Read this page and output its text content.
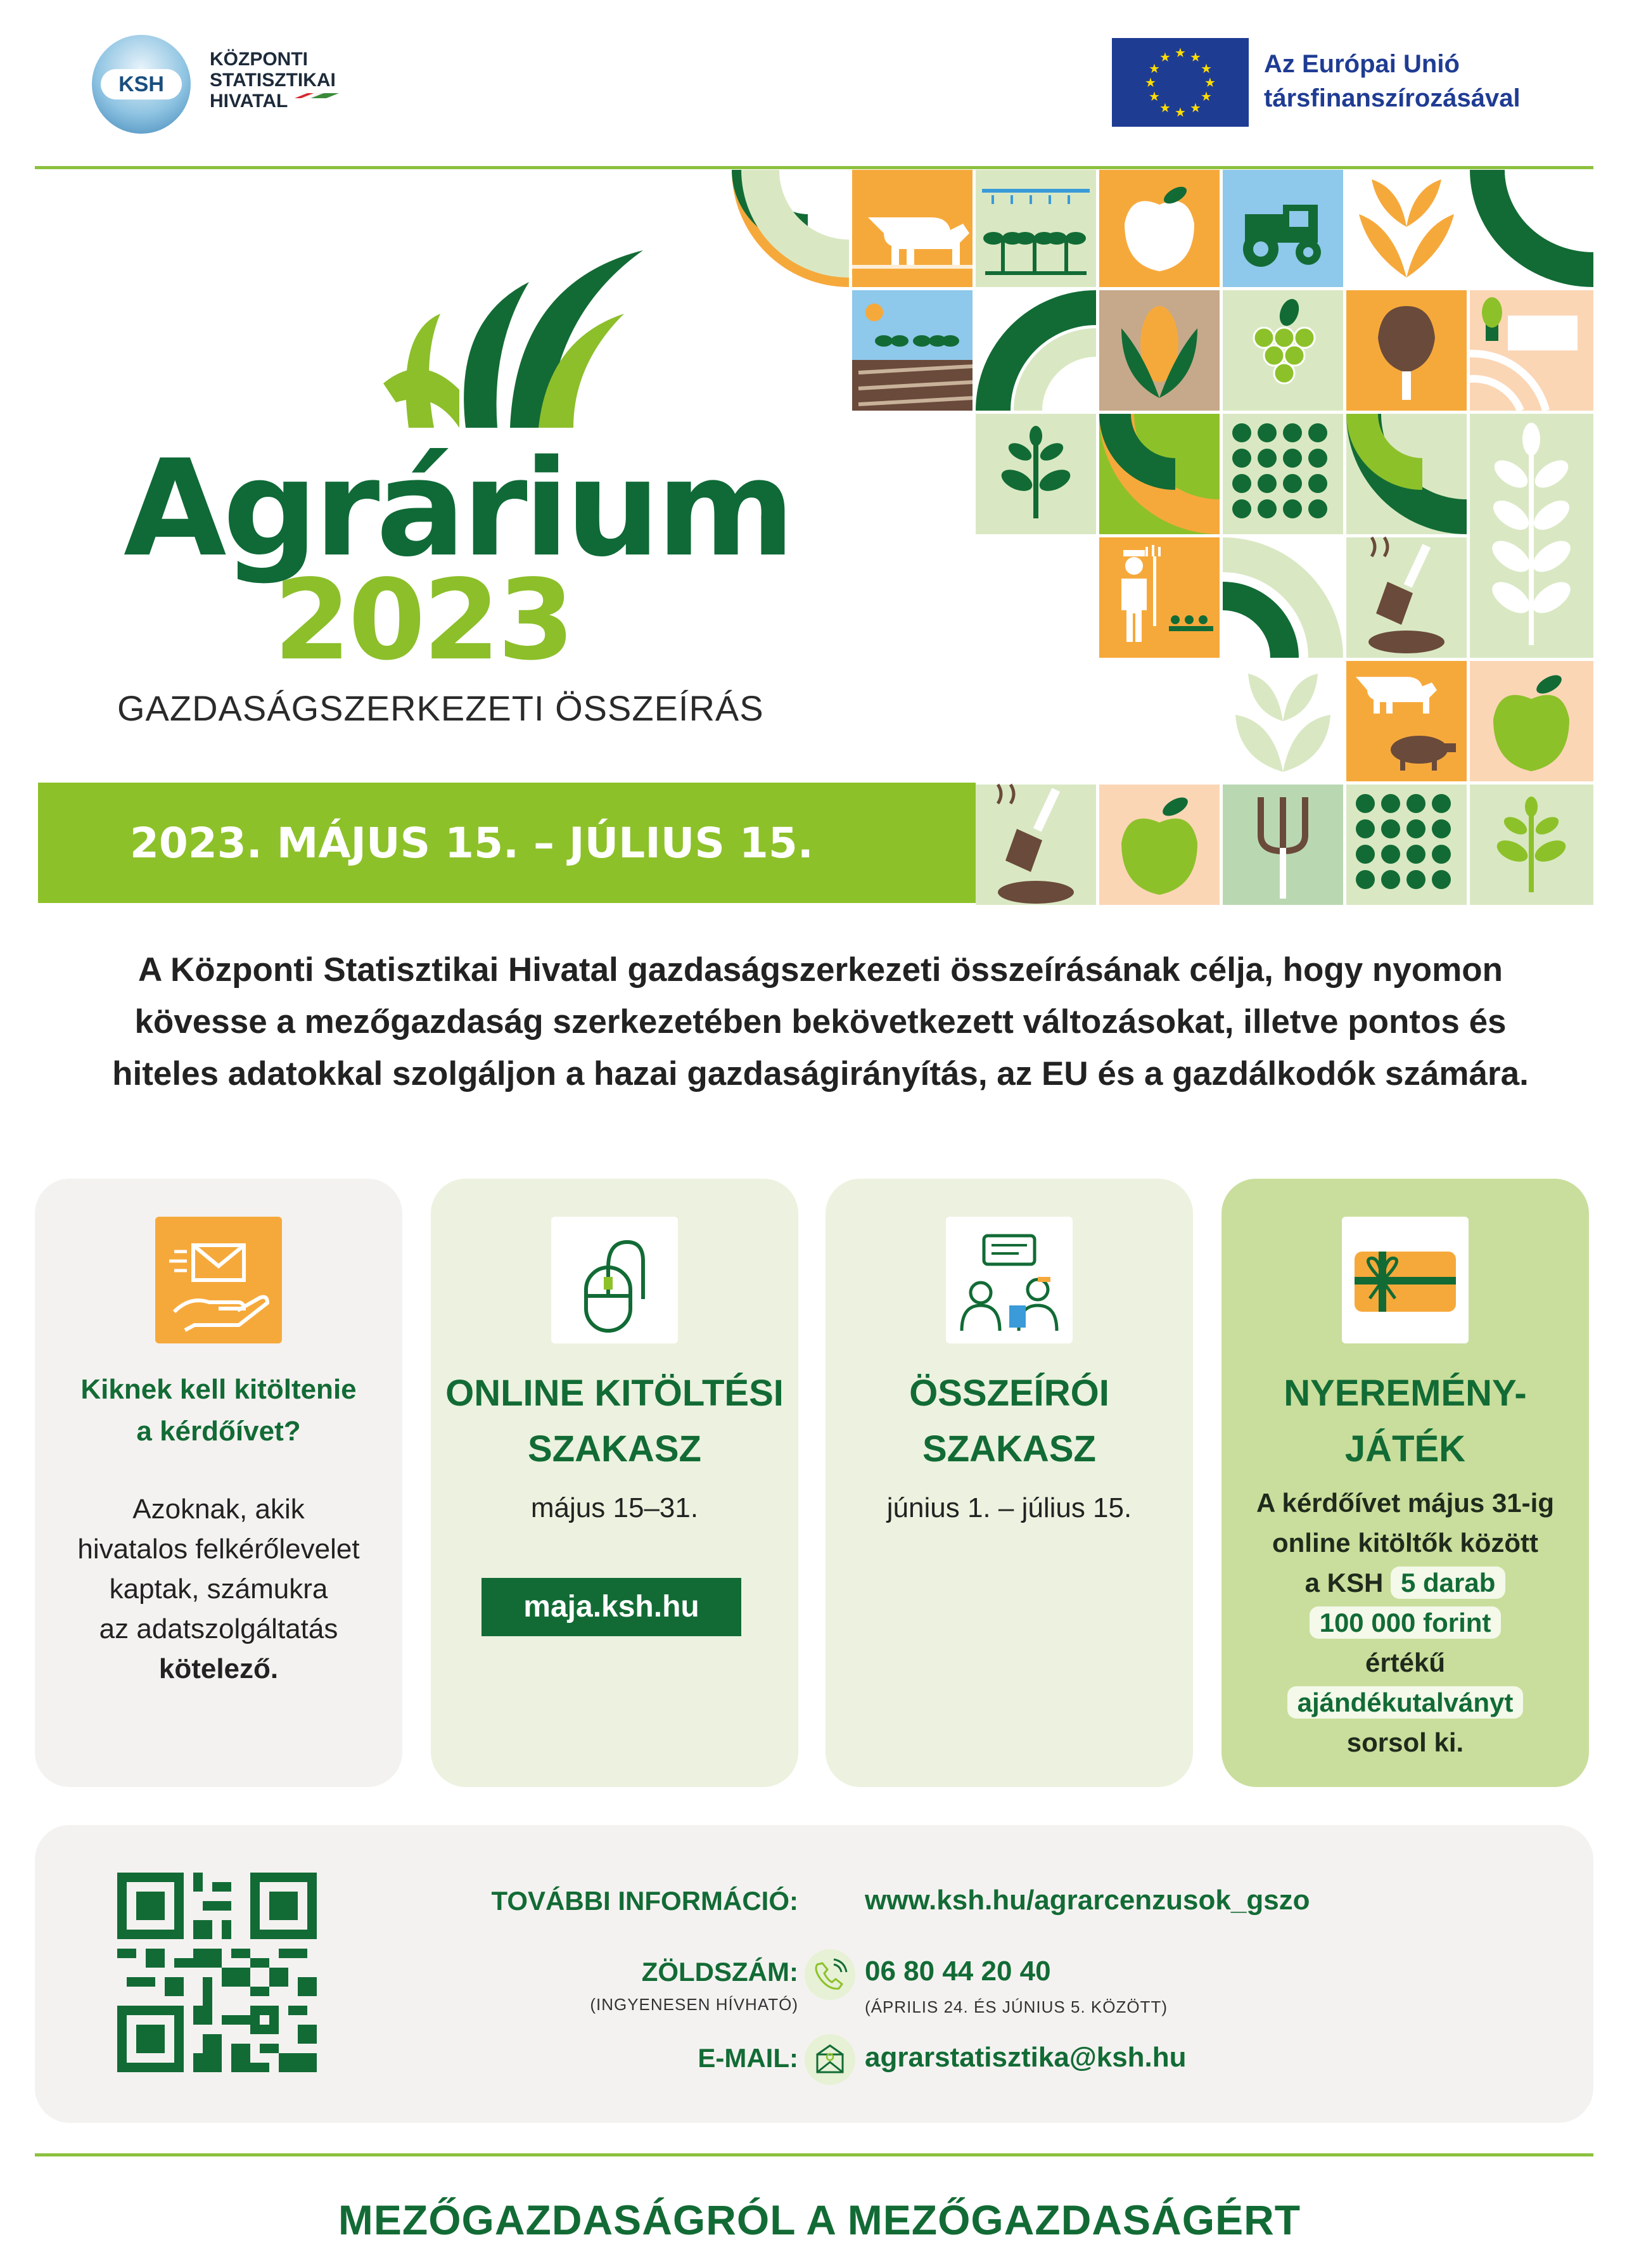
KSH
KÖZPONTI
STATISZTIKAI
HIVATAL
★ ★
★
★
★
★
★
★
★
★
★
★	Az Európai Unió
társfinanszírozásával
Agrárium
2023
GAZDASÁGSZERKEZETI ÖSSZEÍRÁS
2023. MÁJUS 15. – JÚLIUS 15.
A Központi Statisztikai Hivatal gazdaságszerkezeti összeírásának célja, hogy nyomon
kövesse a mezőgazdaság szerkezetében bekövetkezett változásokat, illetve pontos és
hiteles adatokkal szolgáljon a hazai gazdaságirányítás, az EU és a gazdálkodók számára.
Kiknek kell kitöltenie
a kérdőívet?
Azoknak, akik
hivatalos felkérőlevelet
kaptak, számukra
az adatszolgáltatás
kötelező.
ONLINE KITÖLTÉSI
SZAKASZ
május 15–31.
maja.ksh.hu
ÖSSZEÍRÓI
SZAKASZ
június 1. – július 15.
NYEREMÉNY-
JÁTÉK
A kérdőívet május 31-ig
online kitöltők között
a KSH 5 darab
100 000 forint
értékű
ajándékutalványt
sorsol ki.
TOVÁBBI INFORMÁCIÓ: www.ksh.hu/agrarcenzusok_gszo
ZÖLDSZÁM:
(INGYENESEN HÍVHATÓ)
06 80 44 20 40
(ÁPRILIS 24. ÉS JÚNIUS 5. KÖZÖTT)
E-MAIL: agrarstatisztika@ksh.hu
MEZŐGAZDASÁGRÓL A MEZŐGAZDASÁGÉRT
